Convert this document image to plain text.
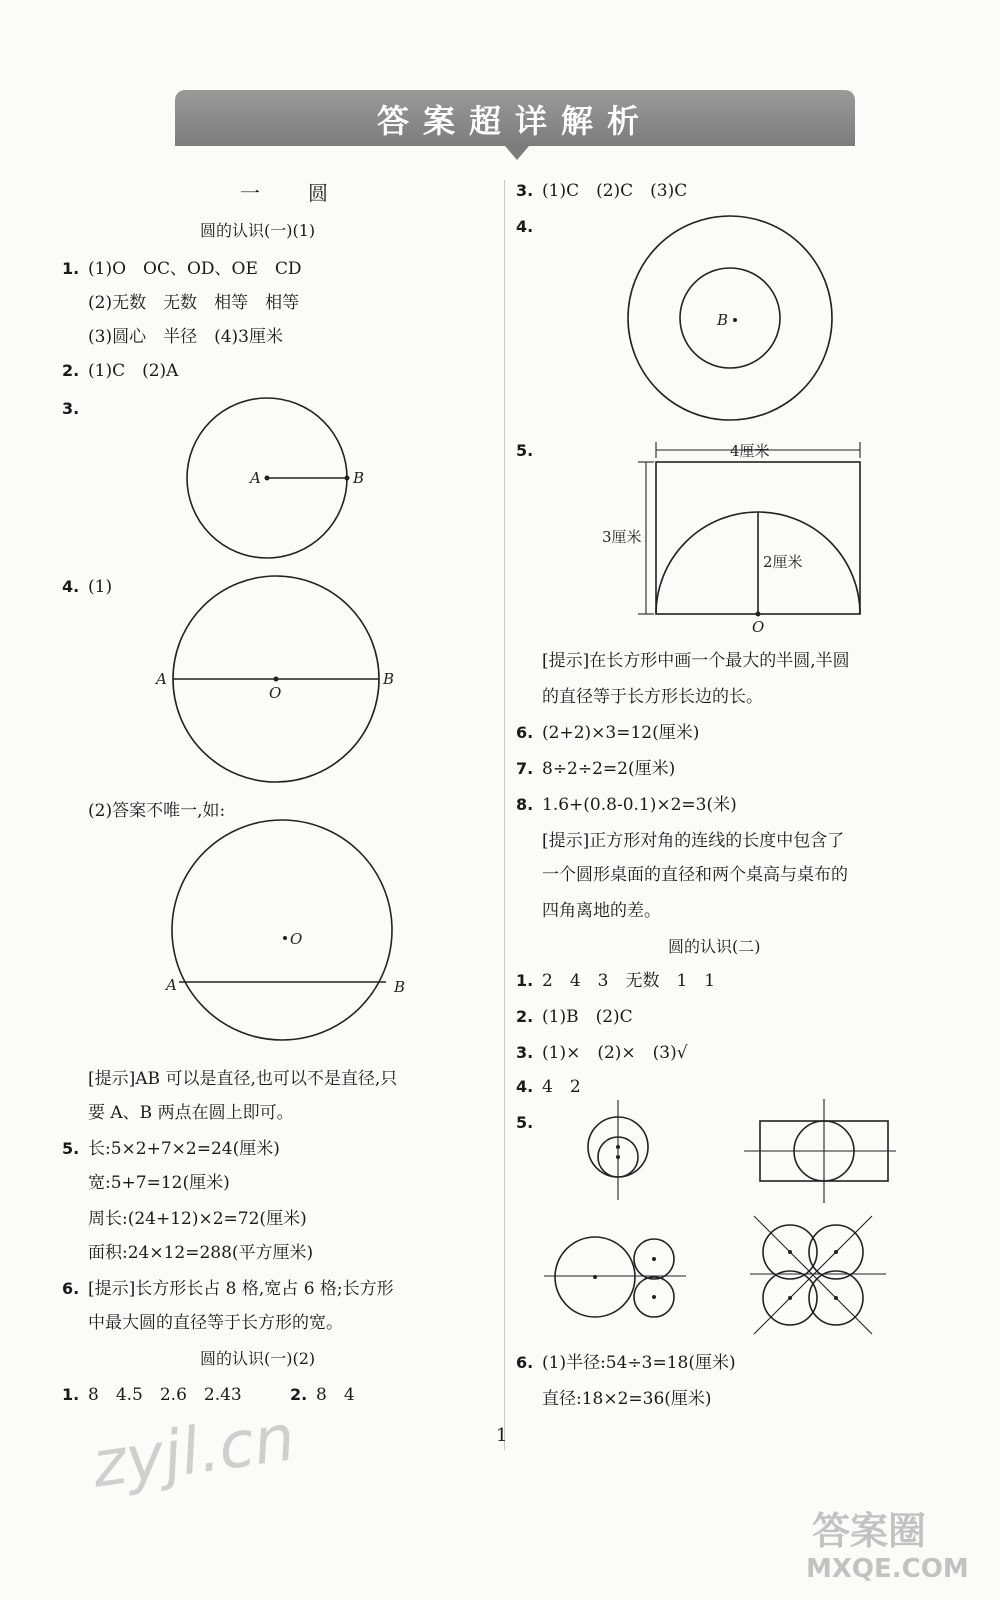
答案超详解析
一　圆
圆的认识(一)(1)
1. (1)O　OC、OD、OE　CD
(2)无数　无数　相等　相等
(3)圆心　半径　(4)3厘米
2. (1)C　(2)A
3.
A	B
4. (1)
A	B
O
(2)答案不唯一,如:
A	B
O
[提示]AB 可以是直径,也可以不是直径,只
要 A、B 两点在圆上即可。
5. 长:5×2+7×2=24(厘米)
宽:5+7=12(厘米)
周长:(24+12)×2=72(厘米)
面积:24×12=288(平方厘米)
6. [提示]长方形长占 8 格,宽占 6 格;长方形
中最大圆的直径等于长方形的宽。
圆的认识(一)(2)
1. 8　4.5　2.6　2.43	2. 8　4
3. (1)C　(2)C　(3)C
4.
B
5.	4厘米
3厘米
2厘米
O
[提示]在长方形中画一个最大的半圆,半圆
的直径等于长方形长边的长。
6. (2+2)×3=12(厘米)
7. 8÷2÷2=2(厘米)
8. 1.6+(0.8-0.1)×2=3(米)
[提示]正方形对角的连线的长度中包含了
一个圆形桌面的直径和两个桌高与桌布的
四角离地的差。
圆的认识(二)
1. 2　4　3　无数　1　1
2. (1)B　(2)C
3. (1)×　(2)×　(3)√
4. 4　2
5.
6. (1)半径:54÷3=18(厘米)
直径:18×2=36(厘米)
1
zyjl.cn
答案圈
MXQE.COM
